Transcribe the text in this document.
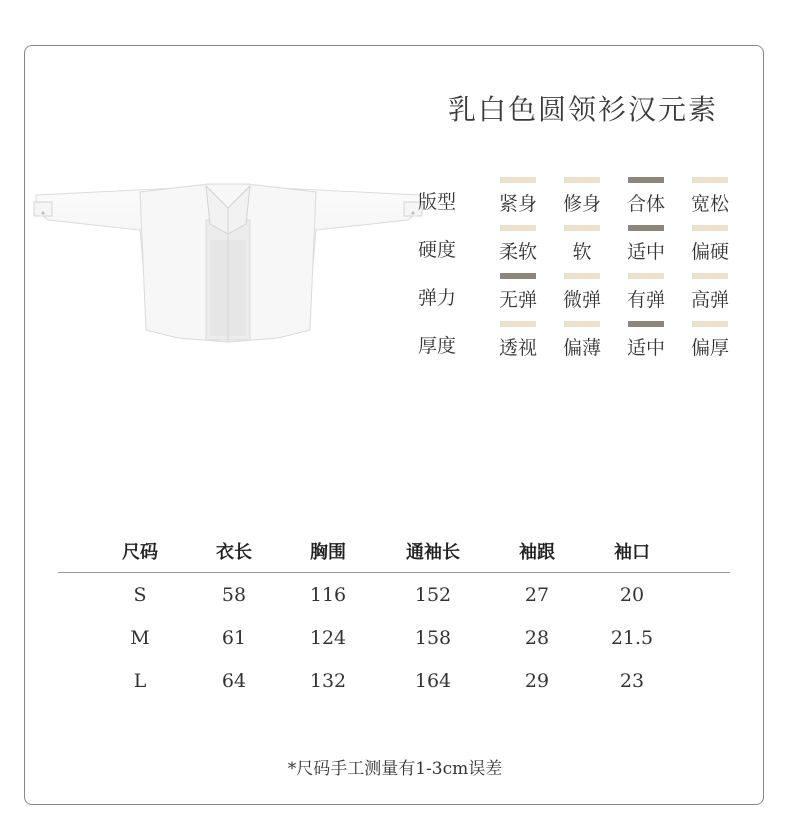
乳白色圆领衫汉元素
版型	紧身 修身 合体 宽松
硬度	柔软 软 适中 偏硬
弹力	无弹 微弹 有弹 高弹
厚度	透视 偏薄 适中 偏厚
尺码	衣长	胸围	通袖长	袖跟	袖口
S	58	116	152	27	20
M	61	124	158	28	21.5
L	64	132	164	29	23
*尺码手工测量有1-3cm误差
